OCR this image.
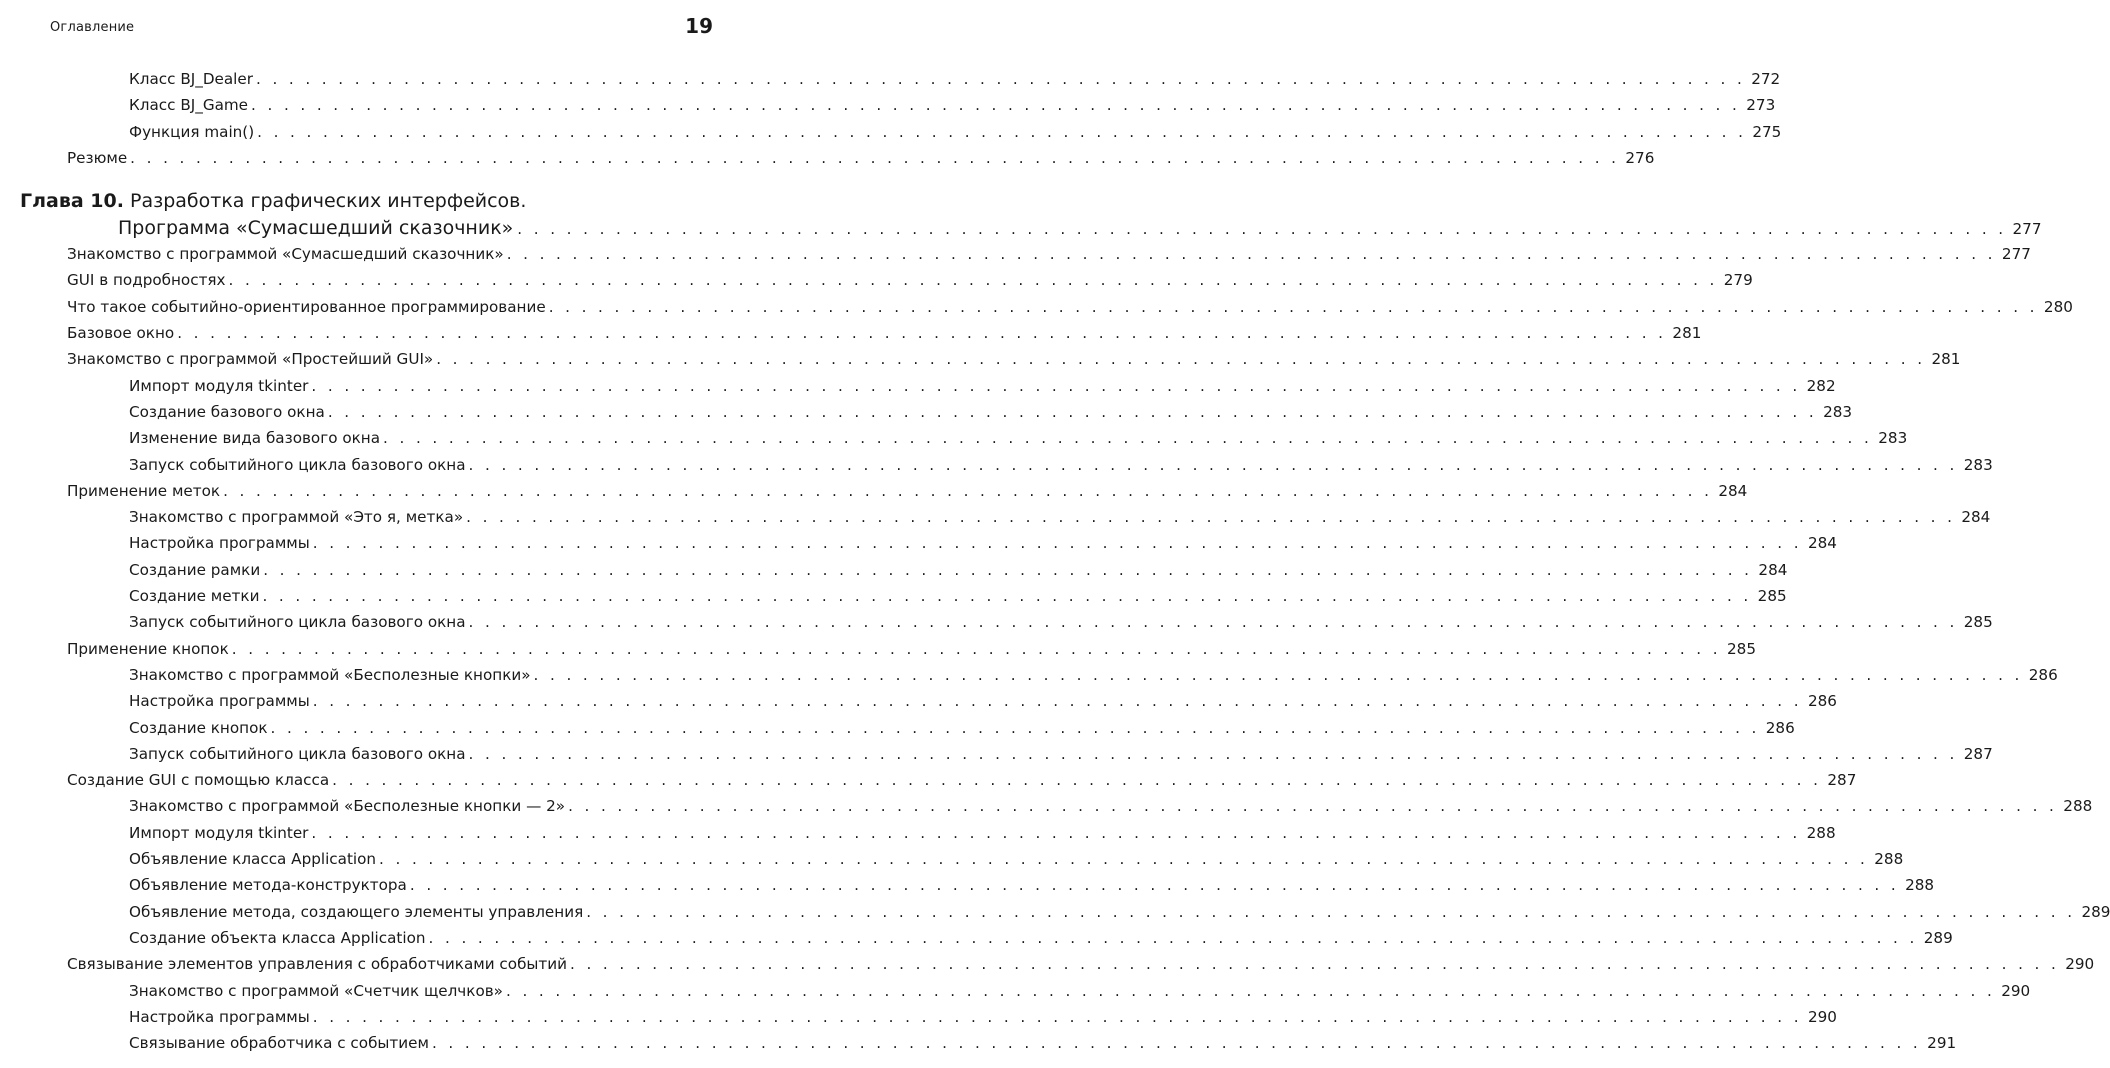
Оглавление	19
Класс BJ_Dealer . . . . . . . . . . . . . . . . . . . . . . . . . . . . . . . . . . . . . . . . . . . . . . . . . . . . . . . . . . . . . . . . . . . . . . . . . . . . . . . . . . . . . . . . . . . 272
Класс BJ_Game . . . . . . . . . . . . . . . . . . . . . . . . . . . . . . . . . . . . . . . . . . . . . . . . . . . . . . . . . . . . . . . . . . . . . . . . . . . . . . . . . . . . . . . . . . . 273
Функция main() . . . . . . . . . . . . . . . . . . . . . . . . . . . . . . . . . . . . . . . . . . . . . . . . . . . . . . . . . . . . . . . . . . . . . . . . . . . . . . . . . . . . . . . . . . . 275
Резюме . . . . . . . . . . . . . . . . . . . . . . . . . . . . . . . . . . . . . . . . . . . . . . . . . . . . . . . . . . . . . . . . . . . . . . . . . . . . . . . . . . . . . . . . . . . 276
Глава 10. Разработка графических интерфейсов.
Программа «Сумасшедший сказочник» . . . . . . . . . . . . . . . . . . . . . . . . . . . . . . . . . . . . . . . . . . . . . . . . . . . . . . . . . . . . . . . . . . . . . . . . . . . . . . . . . . . . . . . . . . . 277
Знакомство с программой «Сумасшедший сказочник» . . . . . . . . . . . . . . . . . . . . . . . . . . . . . . . . . . . . . . . . . . . . . . . . . . . . . . . . . . . . . . . . . . . . . . . . . . . . . . . . . . . . . . . . . . . 277
GUI в подробностях . . . . . . . . . . . . . . . . . . . . . . . . . . . . . . . . . . . . . . . . . . . . . . . . . . . . . . . . . . . . . . . . . . . . . . . . . . . . . . . . . . . . . . . . . . . 279
Что такое событийно-ориентированное программирование . . . . . . . . . . . . . . . . . . . . . . . . . . . . . . . . . . . . . . . . . . . . . . . . . . . . . . . . . . . . . . . . . . . . . . . . . . . . . . . . . . . . . . . . . . . 280
Базовое окно . . . . . . . . . . . . . . . . . . . . . . . . . . . . . . . . . . . . . . . . . . . . . . . . . . . . . . . . . . . . . . . . . . . . . . . . . . . . . . . . . . . . . . . . . . . 281
Знакомство с программой «Простейший GUI» . . . . . . . . . . . . . . . . . . . . . . . . . . . . . . . . . . . . . . . . . . . . . . . . . . . . . . . . . . . . . . . . . . . . . . . . . . . . . . . . . . . . . . . . . . . 281
Импорт модуля tkinter . . . . . . . . . . . . . . . . . . . . . . . . . . . . . . . . . . . . . . . . . . . . . . . . . . . . . . . . . . . . . . . . . . . . . . . . . . . . . . . . . . . . . . . . . . . 282
Создание базового окна . . . . . . . . . . . . . . . . . . . . . . . . . . . . . . . . . . . . . . . . . . . . . . . . . . . . . . . . . . . . . . . . . . . . . . . . . . . . . . . . . . . . . . . . . . . 283
Изменение вида базового окна . . . . . . . . . . . . . . . . . . . . . . . . . . . . . . . . . . . . . . . . . . . . . . . . . . . . . . . . . . . . . . . . . . . . . . . . . . . . . . . . . . . . . . . . . . . 283
Запуск событийного цикла базового окна . . . . . . . . . . . . . . . . . . . . . . . . . . . . . . . . . . . . . . . . . . . . . . . . . . . . . . . . . . . . . . . . . . . . . . . . . . . . . . . . . . . . . . . . . . . 283
Применение меток . . . . . . . . . . . . . . . . . . . . . . . . . . . . . . . . . . . . . . . . . . . . . . . . . . . . . . . . . . . . . . . . . . . . . . . . . . . . . . . . . . . . . . . . . . . 284
Знакомство с программой «Это я, метка» . . . . . . . . . . . . . . . . . . . . . . . . . . . . . . . . . . . . . . . . . . . . . . . . . . . . . . . . . . . . . . . . . . . . . . . . . . . . . . . . . . . . . . . . . . . 284
Настройка программы . . . . . . . . . . . . . . . . . . . . . . . . . . . . . . . . . . . . . . . . . . . . . . . . . . . . . . . . . . . . . . . . . . . . . . . . . . . . . . . . . . . . . . . . . . . 284
Создание рамки . . . . . . . . . . . . . . . . . . . . . . . . . . . . . . . . . . . . . . . . . . . . . . . . . . . . . . . . . . . . . . . . . . . . . . . . . . . . . . . . . . . . . . . . . . . 284
Создание метки . . . . . . . . . . . . . . . . . . . . . . . . . . . . . . . . . . . . . . . . . . . . . . . . . . . . . . . . . . . . . . . . . . . . . . . . . . . . . . . . . . . . . . . . . . . 285
Запуск событийного цикла базового окна . . . . . . . . . . . . . . . . . . . . . . . . . . . . . . . . . . . . . . . . . . . . . . . . . . . . . . . . . . . . . . . . . . . . . . . . . . . . . . . . . . . . . . . . . . . 285
Применение кнопок . . . . . . . . . . . . . . . . . . . . . . . . . . . . . . . . . . . . . . . . . . . . . . . . . . . . . . . . . . . . . . . . . . . . . . . . . . . . . . . . . . . . . . . . . . . 285
Знакомство с программой «Бесполезные кнопки» . . . . . . . . . . . . . . . . . . . . . . . . . . . . . . . . . . . . . . . . . . . . . . . . . . . . . . . . . . . . . . . . . . . . . . . . . . . . . . . . . . . . . . . . . . . 286
Настройка программы . . . . . . . . . . . . . . . . . . . . . . . . . . . . . . . . . . . . . . . . . . . . . . . . . . . . . . . . . . . . . . . . . . . . . . . . . . . . . . . . . . . . . . . . . . . 286
Создание кнопок . . . . . . . . . . . . . . . . . . . . . . . . . . . . . . . . . . . . . . . . . . . . . . . . . . . . . . . . . . . . . . . . . . . . . . . . . . . . . . . . . . . . . . . . . . . 286
Запуск событийного цикла базового окна . . . . . . . . . . . . . . . . . . . . . . . . . . . . . . . . . . . . . . . . . . . . . . . . . . . . . . . . . . . . . . . . . . . . . . . . . . . . . . . . . . . . . . . . . . . 287
Создание GUI с помощью класса . . . . . . . . . . . . . . . . . . . . . . . . . . . . . . . . . . . . . . . . . . . . . . . . . . . . . . . . . . . . . . . . . . . . . . . . . . . . . . . . . . . . . . . . . . . 287
Знакомство с программой «Бесполезные кнопки — 2» . . . . . . . . . . . . . . . . . . . . . . . . . . . . . . . . . . . . . . . . . . . . . . . . . . . . . . . . . . . . . . . . . . . . . . . . . . . . . . . . . . . . . . . . . . . 288
Импорт модуля tkinter . . . . . . . . . . . . . . . . . . . . . . . . . . . . . . . . . . . . . . . . . . . . . . . . . . . . . . . . . . . . . . . . . . . . . . . . . . . . . . . . . . . . . . . . . . . 288
Объявление класса Application . . . . . . . . . . . . . . . . . . . . . . . . . . . . . . . . . . . . . . . . . . . . . . . . . . . . . . . . . . . . . . . . . . . . . . . . . . . . . . . . . . . . . . . . . . . 288
Объявление метода-конструктора . . . . . . . . . . . . . . . . . . . . . . . . . . . . . . . . . . . . . . . . . . . . . . . . . . . . . . . . . . . . . . . . . . . . . . . . . . . . . . . . . . . . . . . . . . . 288
Объявление метода, создающего элементы управления . . . . . . . . . . . . . . . . . . . . . . . . . . . . . . . . . . . . . . . . . . . . . . . . . . . . . . . . . . . . . . . . . . . . . . . . . . . . . . . . . . . . . . . . . . . 289
Создание объекта класса Application . . . . . . . . . . . . . . . . . . . . . . . . . . . . . . . . . . . . . . . . . . . . . . . . . . . . . . . . . . . . . . . . . . . . . . . . . . . . . . . . . . . . . . . . . . . 289
Связывание элементов управления с обработчиками событий . . . . . . . . . . . . . . . . . . . . . . . . . . . . . . . . . . . . . . . . . . . . . . . . . . . . . . . . . . . . . . . . . . . . . . . . . . . . . . . . . . . . . . . . . . . 290
Знакомство с программой «Счетчик щелчков» . . . . . . . . . . . . . . . . . . . . . . . . . . . . . . . . . . . . . . . . . . . . . . . . . . . . . . . . . . . . . . . . . . . . . . . . . . . . . . . . . . . . . . . . . . . 290
Настройка программы . . . . . . . . . . . . . . . . . . . . . . . . . . . . . . . . . . . . . . . . . . . . . . . . . . . . . . . . . . . . . . . . . . . . . . . . . . . . . . . . . . . . . . . . . . . 290
Связывание обработчика с событием . . . . . . . . . . . . . . . . . . . . . . . . . . . . . . . . . . . . . . . . . . . . . . . . . . . . . . . . . . . . . . . . . . . . . . . . . . . . . . . . . . . . . . . . . . . 291
